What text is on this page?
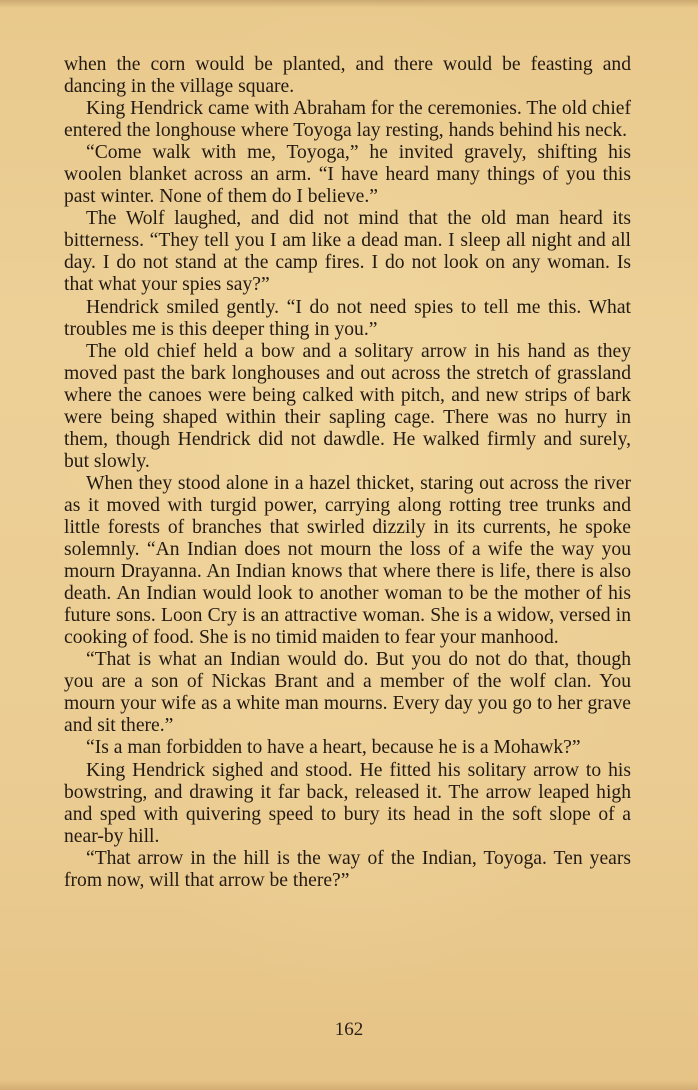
when the corn would be planted, and there would be feasting and dancing in the village square.

King Hendrick came with Abraham for the ceremonies. The old chief entered the longhouse where Toyoga lay resting, hands behind his neck.

“Come walk with me, Toyoga,” he invited gravely, shifting his woolen blanket across an arm. “I have heard many things of you this past winter. None of them do I believe.”

The Wolf laughed, and did not mind that the old man heard its bitterness. “They tell you I am like a dead man. I sleep all night and all day. I do not stand at the camp fires. I do not look on any woman. Is that what your spies say?”

Hendrick smiled gently. “I do not need spies to tell me this. What troubles me is this deeper thing in you.”

The old chief held a bow and a solitary arrow in his hand as they moved past the bark longhouses and out across the stretch of grassland where the canoes were being calked with pitch, and new strips of bark were being shaped within their sapling cage. There was no hurry in them, though Hendrick did not dawdle. He walked firmly and surely, but slowly.

When they stood alone in a hazel thicket, staring out across the river as it moved with turgid power, carrying along rotting tree trunks and little forests of branches that swirled dizzily in its currents, he spoke solemnly. “An Indian does not mourn the loss of a wife the way you mourn Drayanna. An Indian knows that where there is life, there is also death. An Indian would look to another woman to be the mother of his future sons. Loon Cry is an attractive woman. She is a widow, versed in cooking of food. She is no timid maiden to fear your manhood.

“That is what an Indian would do. But you do not do that, though you are a son of Nickas Brant and a member of the wolf clan. You mourn your wife as a white man mourns. Every day you go to her grave and sit there.”

“Is a man forbidden to have a heart, because he is a Mohawk?”

King Hendrick sighed and stood. He fitted his solitary arrow to his bowstring, and drawing it far back, released it. The arrow leaped high and sped with quivering speed to bury its head in the soft slope of a near-by hill.

“That arrow in the hill is the way of the Indian, Toyoga. Ten years from now, will that arrow be there?”

162
